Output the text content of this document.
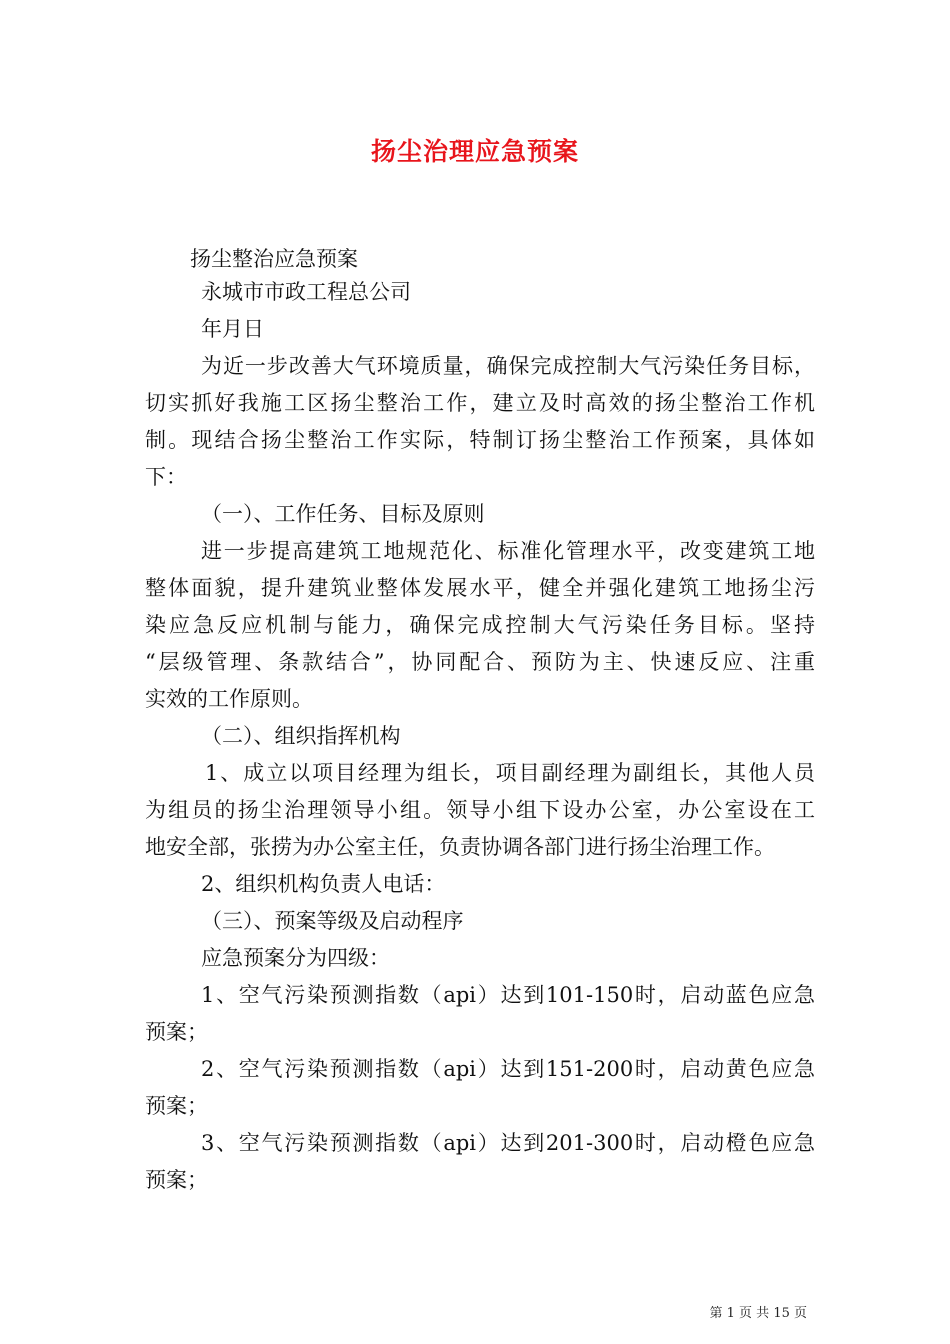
扬尘治理应急预案
扬尘整治应急预案
永城市市政工程总公司
年月日
为近一步改善大气环境质量，确保完成控制大气污染任务目标，
切实抓好我施工区扬尘整治工作，建立及时高效的扬尘整治工作机
制。现结合扬尘整治工作实际，特制订扬尘整治工作预案，具体如
下：
（一）、工作任务、目标及原则
进一步提高建筑工地规范化、标准化管理水平，改变建筑工地
整体面貌，提升建筑业整体发展水平，健全并强化建筑工地扬尘污
染应急反应机制与能力，确保完成控制大气污染任务目标。坚持
“层级管理、条款结合”，协同配合、预防为主、快速反应、注重
实效的工作原则。
（二）、组织指挥机构
1、成立以项目经理为组长，项目副经理为副组长，其他人员
为组员的扬尘治理领导小组。领导小组下设办公室，办公室设在工
地安全部，张捞为办公室主任，负责协调各部门进行扬尘治理工作。
2、组织机构负责人电话：
（三）、预案等级及启动程序
应急预案分为四级：
1、空气污染预测指数（api）达到101-150时，启动蓝色应急
预案；
2、空气污染预测指数（api）达到151-200时，启动黄色应急
预案；
3、空气污染预测指数（api）达到201-300时，启动橙色应急
预案；
第 1 页 共 15 页
